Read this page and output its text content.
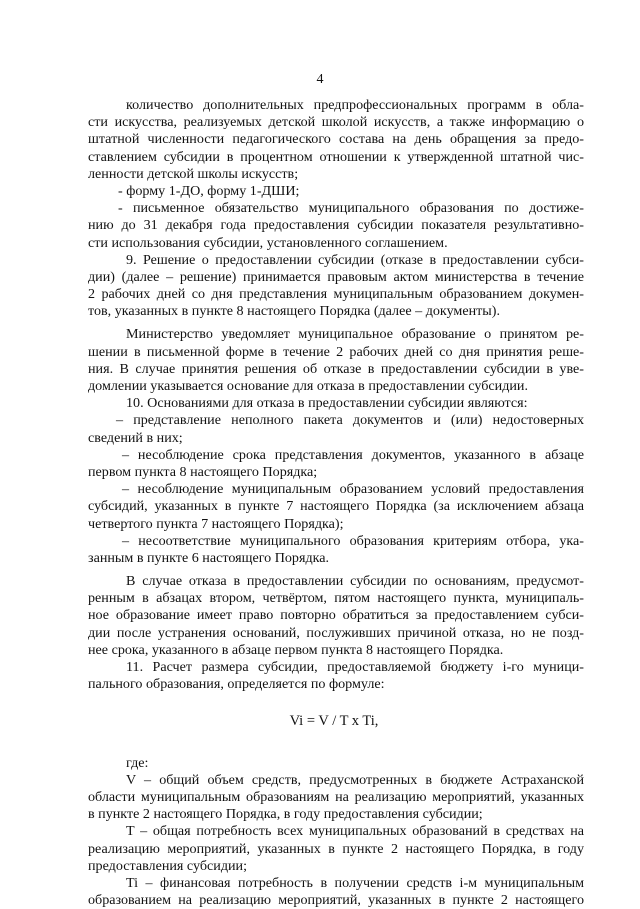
4
количество дополнительных предпрофессиональных программ в обла-
сти искусства, реализуемых детской школой искусств, а также информацию о
штатной численности педагогического состава на день обращения за предо-
ставлением субсидии в процентном отношении к утвержденной штатной чис-
ленности детской школы искусств;
- форму 1-ДО, форму 1-ДШИ;
- письменное обязательство муниципального образования по достиже-
нию до 31 декабря года предоставления субсидии показателя результативно-
сти использования субсидии, установленного соглашением.
9. Решение о предоставлении субсидии (отказе в предоставлении субси-
дии) (далее – решение) принимается правовым актом министерства в течение
2 рабочих дней со дня представления муниципальным образованием докумен-
тов, указанных в пункте 8 настоящего Порядка (далее – документы).
Министерство уведомляет муниципальное образование о принятом ре-
шении в письменной форме в течение 2 рабочих дней со дня принятия реше-
ния. В случае принятия решения об отказе в предоставлении субсидии в уве-
домлении указывается основание для отказа в предоставлении субсидии.
10. Основаниями для отказа в предоставлении субсидии являются:
– представление неполного пакета документов и (или) недостоверных
сведений в них;
– несоблюдение срока представления документов, указанного в абзаце
первом пункта 8 настоящего Порядка;
– несоблюдение муниципальным образованием условий предоставления
субсидий, указанных в пункте 7 настоящего Порядка (за исключением абзаца
четвертого пункта 7 настоящего Порядка);
– несоответствие муниципального образования критериям отбора, ука-
занным в пункте 6 настоящего Порядка.
В случае отказа в предоставлении субсидии по основаниям, предусмот-
ренным в абзацах втором, четвёртом, пятом настоящего пункта, муниципаль-
ное образование имеет право повторно обратиться за предоставлением субси-
дии после устранения оснований, послуживших причиной отказа, но не позд-
нее срока, указанного в абзаце первом пункта 8 настоящего Порядка.
11. Расчет размера субсидии, предоставляемой бюджету i-го муници-
пального образования, определяется по формуле:
Vi = V / T x Ti,
где:
V – общий объем средств, предусмотренных в бюджете Астраханской
области муниципальным образованиям на реализацию мероприятий, указанных
в пункте 2 настоящего Порядка, в году предоставления субсидии;
T – общая потребность всех муниципальных образований в средствах на
реализацию мероприятий, указанных в пункте 2 настоящего Порядка, в году
предоставления субсидии;
Ti – финансовая потребность в получении средств i-м муниципальным
образованием на реализацию мероприятий, указанных в пункте 2 настоящего
